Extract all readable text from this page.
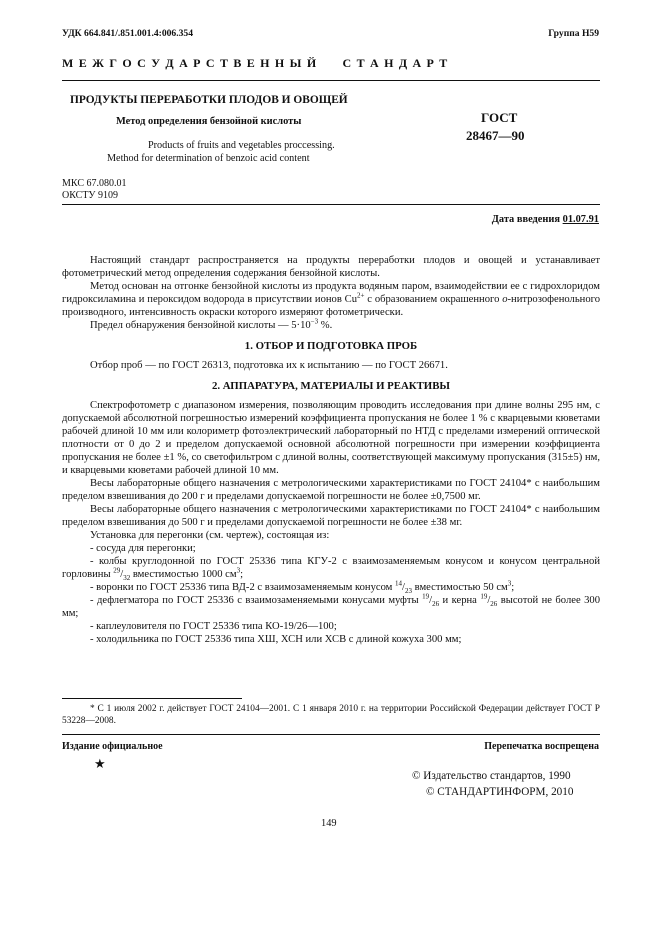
УДК 664.841/.851.001.4:006.354	Группа Н59
М Е Ж Г О С У Д А Р С Т В Е Н Н Ы Й      С Т А Н Д А Р Т
ПРОДУКТЫ ПЕРЕРАБОТКИ ПЛОДОВ И ОВОЩЕЙ
Метод определения бензойной кислоты
Products of fruits and vegetables proccessing.
Method for determination of benzoic acid content
ГОСТ
28467—90
МКС 67.080.01
ОКСТУ 9109
Дата введения 01.07.91

Настоящий стандарт распространяется на продукты переработки плодов и овощей и устанавливает фотометрический метод определения содержания бензойной кислоты.

Метод основан на отгонке бензойной кислоты из продукта водяным паром, взаимодействии ее с гидрохлоридом гидроксиламина и пероксидом водорода в присутствии ионов $Cu^{2+}$ с образованием окрашенного о-нитрозофенольного производного, интенсивность окраски которого измеряют фотометрически.

Предел обнаружения бензойной кислоты — $5\cdot 10^{-3}$ %.

1. ОТБОР И ПОДГОТОВКА ПРОБ

Отбор проб — по ГОСТ 26313, подготовка их к испытанию — по ГОСТ 26671.

2. АППАРАТУРА, МАТЕРИАЛЫ И РЕАКТИВЫ

Спектрофотометр с диапазоном измерения, позволяющим проводить исследования при длине волны 295 нм, с допускаемой абсолютной погрешностью измерений коэффициента пропускания не более 1 % с кварцевыми кюветами рабочей длиной 10 мм или колориметр фотоэлектрический лабораторный по НТД с пределами измерений оптической плотности от 0 до 2 и пределом допускаемой основной абсолютной погрешности при измерении коэффициента пропускания не более ±1 %, со светофильтром с длиной волны, соответствующей максимуму пропускания (315±5) нм, и кварцевыми кюветами рабочей длиной 10 мм.

Весы лабораторные общего назначения с метрологическими характеристиками по ГОСТ 24104* с наибольшим пределом взвешивания до 200 г и пределами допускаемой погрешности не более ±0,7500 мг.

Весы лабораторные общего назначения с метрологическими характеристиками по ГОСТ 24104* с наибольшим пределом взвешивания до 500 г и пределами допускаемой погрешности не более ±38 мг.

Установка для перегонки (см. чертеж), состоящая из:

- сосуда для перегонки;

- колбы круглодонной по ГОСТ 25336 типа КГУ-2 с взаимозаменяемым конусом и конусом центральной горловины $^{29}/_{32}$ вместимостью 1000 $см^3$;

- воронки по ГОСТ 25336 типа ВД-2 с взаимозаменяемым конусом $^{14}/_{23}$ вместимостью 50 $см^3$;

- дефлегматора по ГОСТ 25336 с взаимозаменяемыми конусами муфты $^{19}/_{26}$ и керна $^{19}/_{26}$ высотой не более 300 мм;

- каплеуловителя по ГОСТ 25336 типа КО-19/26—100;

- холодильника по ГОСТ 25336 типа ХШ, ХСН или ХСВ с длиной кожуха 300 мм;

* С 1 июля 2002 г. действует ГОСТ 24104—2001. С 1 января 2010 г. на территории Российской Федерации действует ГОСТ Р 53228—2008.
Издание официальное	Перепечатка воспрещена
★
© Издательство стандартов, 1990
© СТАНДАРТИНФОРМ, 2010
149
